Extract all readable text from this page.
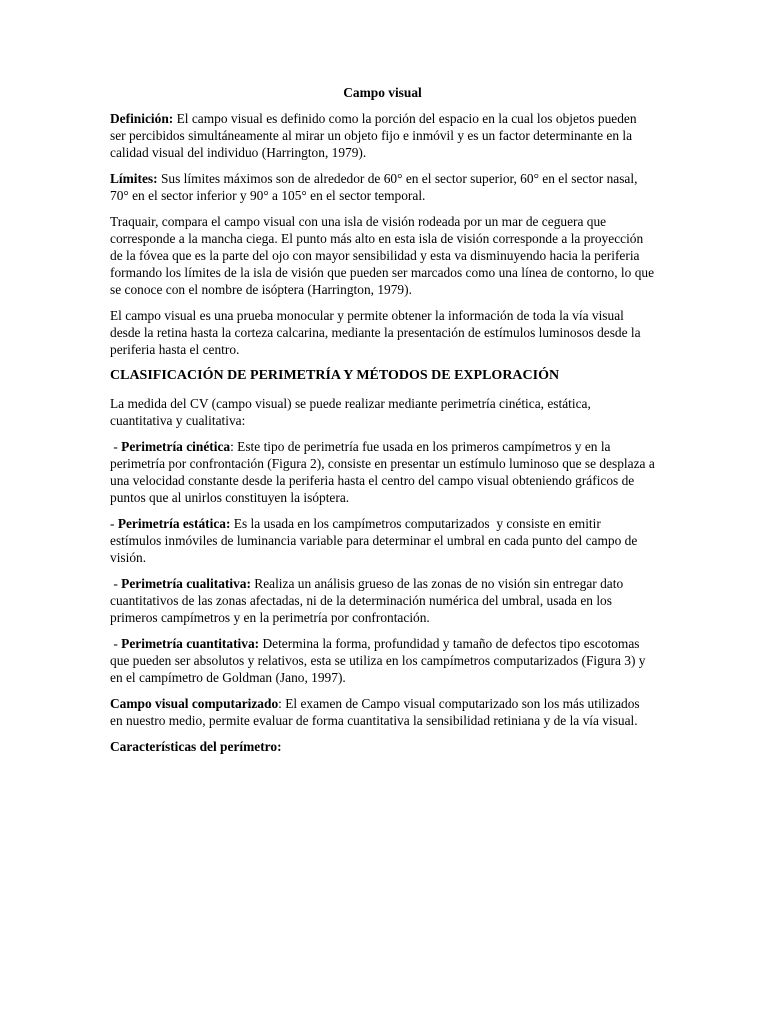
Campo visual

Definición: El campo visual es definido como la porción del espacio en la cual los objetos pueden ser percibidos simultáneamente al mirar un objeto fijo e inmóvil y es un factor determinante en la calidad visual del individuo (Harrington, 1979).

Límites: Sus límites máximos son de alrededor de 60° en el sector superior, 60° en el sector nasal, 70° en el sector inferior y 90° a 105° en el sector temporal.

Traquair, compara el campo visual con una isla de visión rodeada por un mar de ceguera que corresponde a la mancha ciega. El punto más alto en esta isla de visión corresponde a la proyección de la fóvea que es la parte del ojo con mayor sensibilidad y esta va disminuyendo hacia la periferia formando los límites de la isla de visión que pueden ser marcados como una línea de contorno, lo que se conoce con el nombre de isóptera (Harrington, 1979).

El campo visual es una prueba monocular y permite obtener la información de toda la vía visual desde la retina hasta la corteza calcarina, mediante la presentación de estímulos luminosos desde la periferia hasta el centro.

CLASIFICACIÓN DE PERIMETRÍA Y MÉTODOS DE EXPLORACIÓN

La medida del CV (campo visual) se puede realizar mediante perimetría cinética, estática, cuantitativa y cualitativa:

- Perimetría cinética: Este tipo de perimetría fue usada en los primeros campímetros y en la perimetría por confrontación (Figura 2), consiste en presentar un estímulo luminoso que se desplaza a una velocidad constante desde la periferia hasta el centro del campo visual obteniendo gráficos de puntos que al unirlos constituyen la isóptera.

- Perimetría estática: Es la usada en los campímetros computarizados  y consiste en emitir estímulos inmóviles de luminancia variable para determinar el umbral en cada punto del campo de visión.

- Perimetría cualitativa: Realiza un análisis grueso de las zonas de no visión sin entregar dato cuantitativos de las zonas afectadas, ni de la determinación numérica del umbral, usada en los primeros campímetros y en la perimetría por confrontación.

- Perimetría cuantitativa: Determina la forma, profundidad y tamaño de defectos tipo escotomas que pueden ser absolutos y relativos, esta se utiliza en los campímetros computarizados (Figura 3) y en el campímetro de Goldman (Jano, 1997).

Campo visual computarizado: El examen de Campo visual computarizado son los más utilizados en nuestro medio, permite evaluar de forma cuantitativa la sensibilidad retiniana y de la vía visual.

Características del perímetro:
